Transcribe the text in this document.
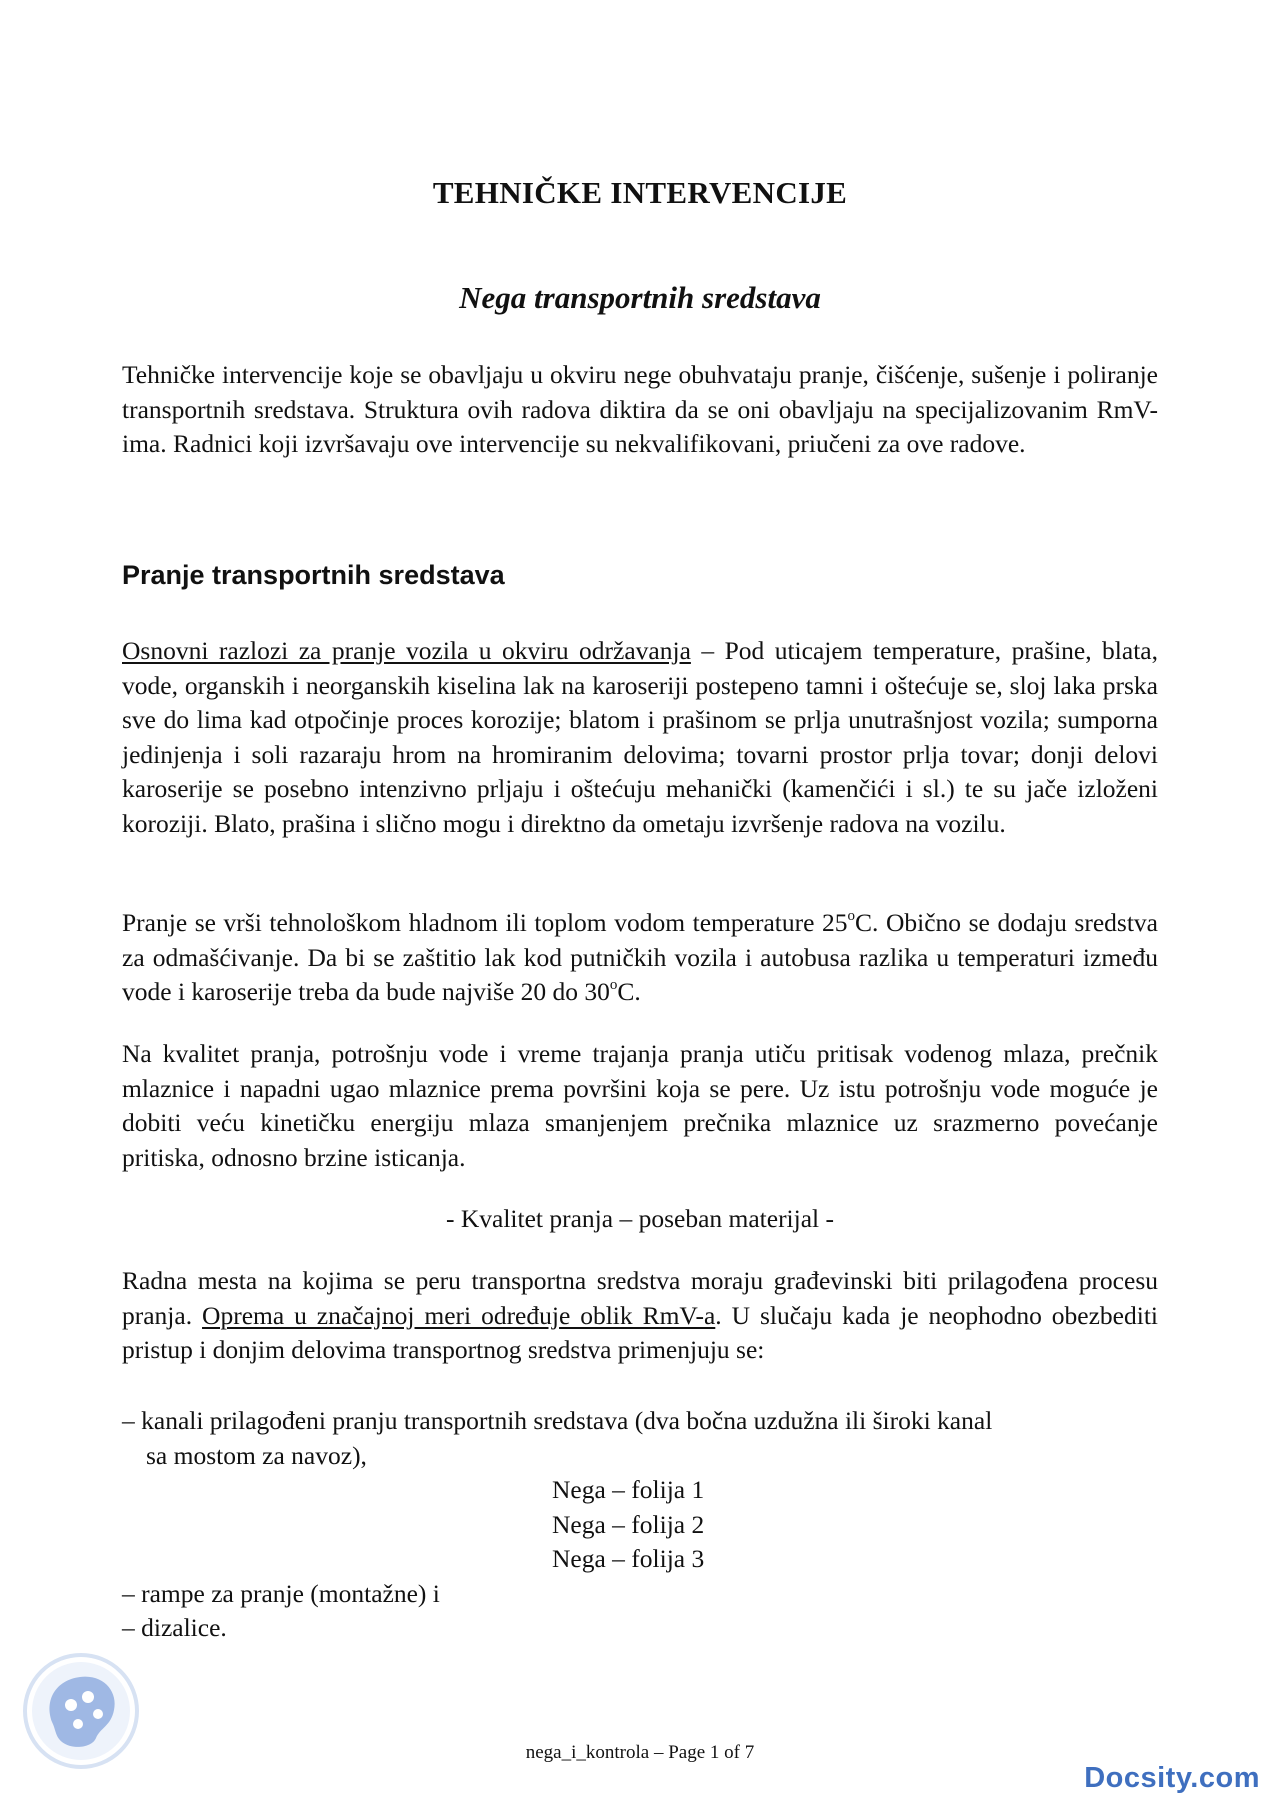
TEHNIČKE INTERVENCIJE
Nega transportnih sredstava
Tehničke intervencije koje se obavljaju u okviru nege obuhvataju pranje, čišćenje, sušenje i poliranje transportnih sredstava. Struktura ovih radova diktira da se oni obavljaju na specijalizovanim RmV-ima. Radnici koji izvršavaju ove intervencije su nekvalifikovani, priučeni za ove radove.
Pranje transportnih sredstava
Osnovni razlozi za pranje vozila u okviru održavanja – Pod uticajem temperature, prašine, blata, vode, organskih i neorganskih kiselina lak na karoseriji postepeno tamni i oštećuje se, sloj laka prska sve do lima kad otpočinje proces korozije; blatom i prašinom se prlja unutrašnjost vozila; sumporna jedinjenja i soli razaraju hrom na hromiranim delovima; tovarni prostor prlja tovar; donji delovi karoserije se posebno intenzivno prljaju i oštećuju mehanički (kamenčići i sl.) te su jače izloženi koroziji. Blato, prašina i slično mogu i direktno da ometaju izvršenje radova na vozilu.
Pranje se vrši tehnološkom hladnom ili toplom vodom temperature 25$^o$C. Obično se dodaju sredstva za odmašćivanje. Da bi se zaštitio lak kod putničkih vozila i autobusa razlika u temperaturi između vode i karoserije treba da bude najviše 20 do 30$^o$C.
Na kvalitet pranja, potrošnju vode i vreme trajanja pranja utiču pritisak vodenog mlaza, prečnik mlaznice i napadni ugao mlaznice prema površini koja se pere. Uz istu potrošnju vode moguće je dobiti veću kinetičku energiju mlaza smanjenjem prečnika mlaznice uz srazmerno povećanje pritiska, odnosno brzine isticanja.
- Kvalitet pranja – poseban materijal -
Radna mesta na kojima se peru transportna sredstva moraju građevinski biti prilagođena procesu pranja. Oprema u značajnoj meri određuje oblik RmV-a. U slučaju kada je neophodno obezbediti pristup i donjim delovima transportnog sredstva primenjuju se:
– kanali prilagođeni pranju transportnih sredstava (dva bočna uzdužna ili široki kanal
sa mostom za navoz),
Nega – folija 1
Nega – folija 2
Nega – folija 3
– rampe za pranje (montažne) i
– dizalice.
nega_i_kontrola – Page 1 of 7
Docsity.com
